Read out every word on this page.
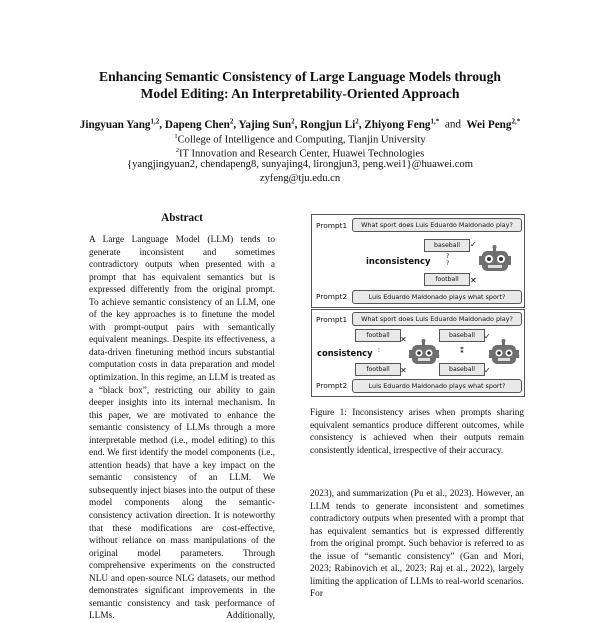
Enhancing Semantic Consistency of Large Language Models through
Model Editing: An Interpretability-Oriented Approach
Jingyuan Yang$^{1,2}$, Dapeng Chen$^2$, Yajing Sun$^2$, Rongjun Li$^2$, Zhiyong Feng$^{1,*}$ and Wei Peng$^{2,*}$
$^1$College of Intelligence and Computing, Tianjin University
$^2$IT Innovation and Research Center, Huawei Technologies
{yangjingyuan2, chendapeng8, sunyajing4, lirongjun3, peng.wei1}@huawei.com
zyfeng@tju.edu.cn
Abstract
A Large Language Model (LLM) tends to generate inconsistent and sometimes contradictory outputs when presented with a prompt that has equivalent semantics but is expressed differently from the original prompt. To achieve semantic consistency of an LLM, one of the key approaches is to finetune the model with prompt-output pairs with semantically equivalent meanings. Despite its effectiveness, a data-driven finetuning method incurs substantial computation costs in data preparation and model optimization. In this regime, an LLM is treated as a “black box”, restricting our ability to gain deeper insights into its internal mechanism. In this paper, we are motivated to enhance the semantic consistency of LLMs through a more interpretable method (i.e., model editing) to this end. We first identify the model components (i.e., attention heads) that have a key impact on the semantic consistency of an LLM. We subsequently inject biases into the output of these model components along the semantic-consistency activation direction. It is noteworthy that these modifications are cost-effective, without reliance on mass manipulations of the original model parameters. Through comprehensive experiments on the constructed NLU and open-source NLG datasets, our method demonstrates significant improvements in the semantic consistency and task performance of LLMs. Additionally,
Prompt1	What sport does Luis Eduardo Maldonado play?
baseball	✓
inconsistency	?
?
football	✕
Prompt2	Luis Eduardo Maldonado plays what sport?
Prompt1	What sport does Luis Eduardo Maldonado play?
football	✕	baseball	✓
consistency ⁝	⁑
football	✕	baseball	✓
Prompt2	Luis Eduardo Maldonado plays what sport?
Figure 1: Inconsistency arises when prompts sharing equivalent semantics produce different outcomes, while consistency is achieved when their outputs remain consistently identical, irrespective of their accuracy.
2023), and summarization (Pu et al., 2023). However, an LLM tends to generate inconsistent and sometimes contradictory outputs when presented with a prompt that has equivalent semantics but is expressed differently from the original prompt. Such behavior is referred to as the issue of “semantic consistency” (Gan and Mori, 2023; Rabinovich et al., 2023; Raj et al., 2022), largely limiting the application of LLMs to real-world scenarios. For
